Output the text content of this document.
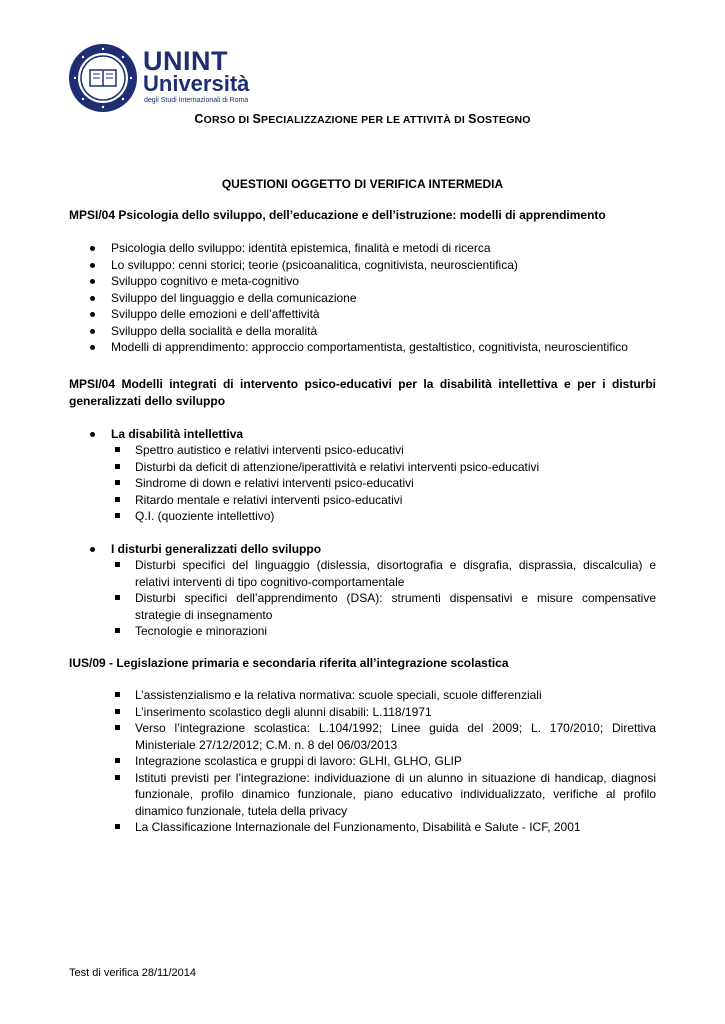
UNINT
Università
degli Studi Internazionali di Roma
CORSO DI SPECIALIZZAZIONE PER LE ATTIVITÀ DI SOSTEGNO
QUESTIONI OGGETTO DI VERIFICA INTERMEDIA
MPSI/04 Psicologia dello sviluppo, dell’educazione e dell’istruzione: modelli di apprendimento
Psicologia dello sviluppo: identità epistemica, finalità e metodi di ricerca
Lo sviluppo: cenni storici; teorie (psicoanalitica, cognitivista, neuroscientifica)
Sviluppo cognitivo e meta-cognitivo
Sviluppo del linguaggio e della comunicazione
Sviluppo delle emozioni e dell’affettività
Sviluppo della socialità e della moralità
Modelli di apprendimento: approccio comportamentista, gestaltistico, cognitivista, neuroscientifico
MPSI/04 Modelli integrati di intervento psico-educativi per la disabilità intellettiva e per i disturbi generalizzati dello sviluppo
La disabilità intellettiva
Spettro autistico e relativi interventi psico-educativi
Disturbi da deficit di attenzione/iperattività e relativi interventi psico-educativi
Sindrome di down e relativi interventi psico-educativi
Ritardo mentale e relativi interventi psico-educativi
Q.I. (quoziente intellettivo)
I disturbi generalizzati dello sviluppo
Disturbi specifici del linguaggio (dislessia, disortografia e disgrafia, disprassia, discalculia) e relativi interventi di tipo cognitivo-comportamentale
Disturbi specifici dell’apprendimento (DSA): strumenti dispensativi e misure compensative strategie di insegnamento
Tecnologie e minorazioni
IUS/09 - Legislazione primaria e secondaria riferita all’integrazione scolastica
L’assistenzialismo e la relativa normativa: scuole speciali, scuole differenziali
L’inserimento scolastico degli alunni disabili: L.118/1971
Verso l’integrazione scolastica: L.104/1992; Linee guida del 2009; L. 170/2010; Direttiva Ministeriale 27/12/2012; C.M. n. 8 del 06/03/2013
Integrazione scolastica e gruppi di lavoro: GLHI, GLHO, GLIP
Istituti previsti per l’integrazione: individuazione di un alunno in situazione di handicap, diagnosi funzionale, profilo dinamico funzionale, piano educativo individualizzato, verifiche al profilo dinamico funzionale, tutela della privacy
La Classificazione Internazionale del Funzionamento, Disabilità e Salute - ICF, 2001
Test di verifica 28/11/2014
